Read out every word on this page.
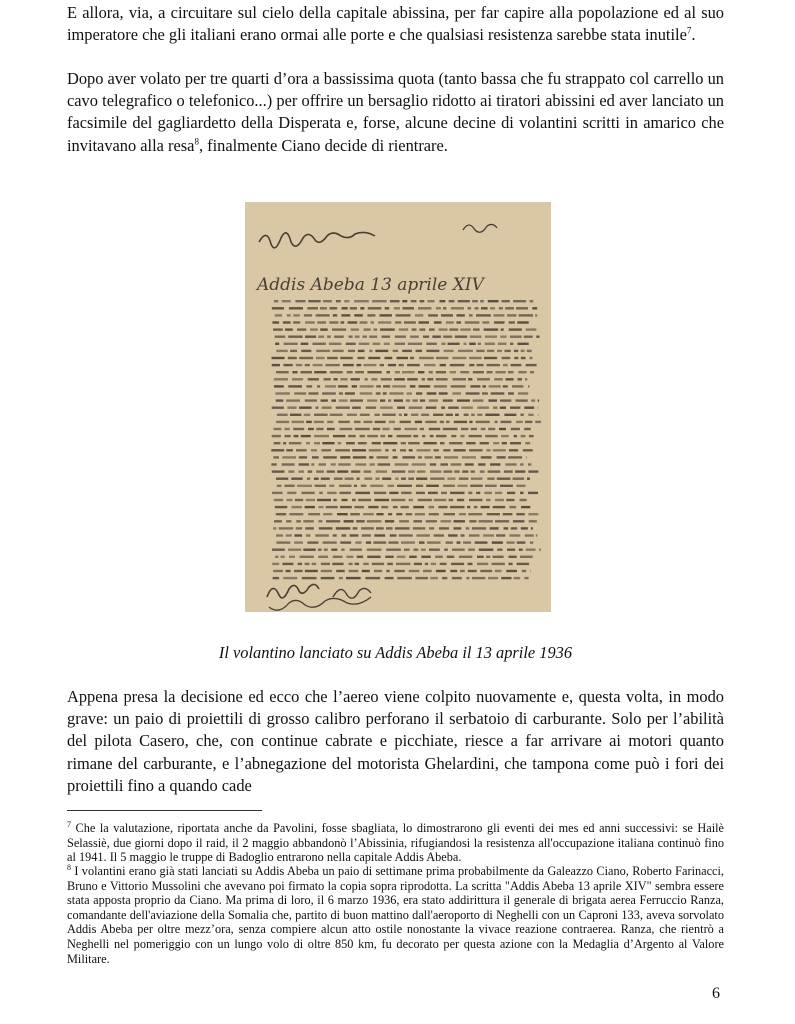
E allora, via, a circuitare sul cielo della capitale abissina, per far capire alla popolazione ed al suo imperatore che gli italiani erano ormai alle porte e che qualsiasi resistenza sarebbe stata inutile$^7$.

Dopo aver volato per tre quarti d’ora a bassissima quota (tanto bassa che fu strappato col carrello un cavo telegrafico o telefonico...) per offrire un bersaglio ridotto ai tiratori abissini ed aver lanciato un facsimile del gagliardetto della Disperata e, forse, alcune decine di volantini scritti in amarico che invitavano alla resa$^8$, finalmente Ciano decide di rientrare.

Addis Abeba 13 aprile XIV

Il volantino lanciato su Addis Abeba il 13 aprile 1936

Appena presa la decisione ed ecco che l’aereo viene colpito nuovamente e, questa volta, in modo grave: un paio di proiettili di grosso calibro perforano il serbatoio di carburante. Solo per l’abilità del pilota Casero, che, con continue cabrate e picchiate, riesce a far arrivare ai motori quanto rimane del carburante, e l’abnegazione del motorista Ghelardini, che tampona come può i fori dei proiettili fino a quando cade

$^7$ Che la valutazione, riportata anche da Pavolini, fosse sbagliata, lo dimostrarono gli eventi dei mes ed anni successivi: se Hailè Selassiè, due giorni dopo il raid, il 2 maggio abbandonò l’Abissinia, rifugiandosi la resistenza all'occupazione italiana continuò fino al 1941. Il 5 maggio le truppe di Badoglio entrarono nella capitale Addis Abeba.

$^8$ I volantini erano già stati lanciati su Addis Abeba un paio di settimane prima probabilmente da Galeazzo Ciano, Roberto Farinacci, Bruno e Vittorio Mussolini che avevano poi firmato la copia sopra riprodotta. La scritta "Addis Abeba 13 aprile XIV" sembra essere stata apposta proprio da Ciano. Ma prima di loro, il 6 marzo 1936, era stato addirittura il generale di brigata aerea Ferruccio Ranza, comandante dell'aviazione della Somalia che, partito di buon mattino dall'aeroporto di Neghelli con un Caproni 133, aveva sorvolato Addis Abeba per oltre mezz’ora, senza compiere alcun atto ostile nonostante la vivace reazione contraerea. Ranza, che rientrò a Neghelli nel pomeriggio con un lungo volo di oltre 850 km, fu decorato per questa azione con la Medaglia d’Argento al Valore Militare.

6
